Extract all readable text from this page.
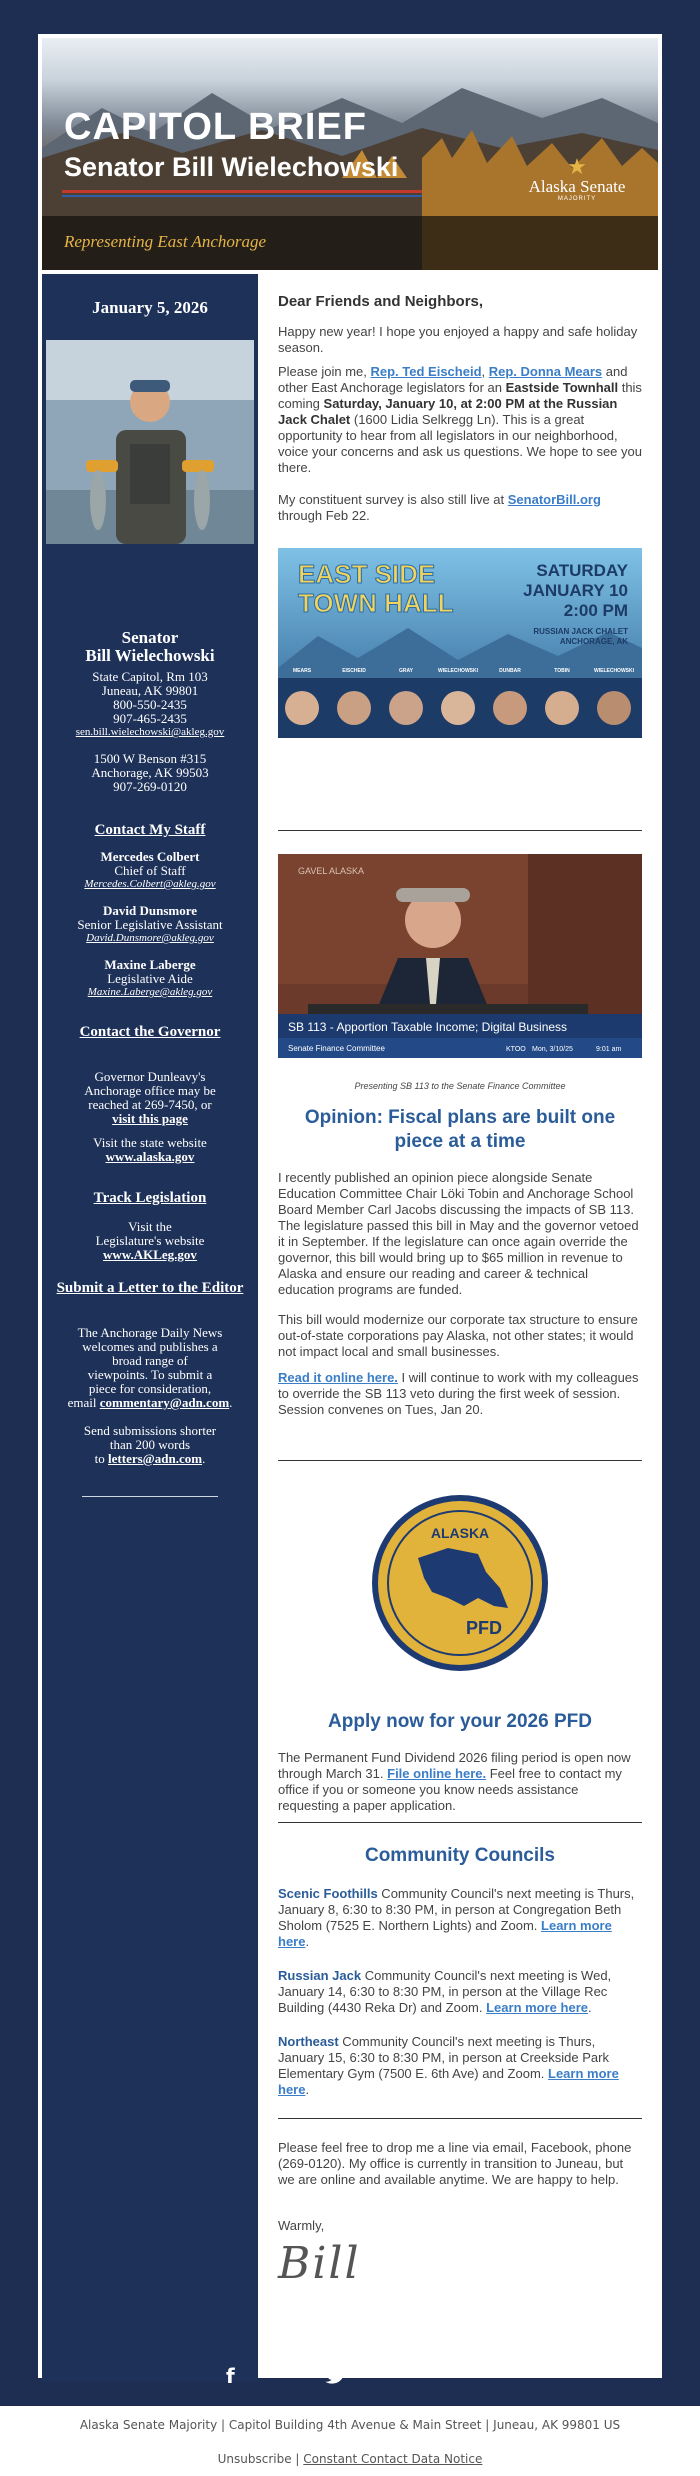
CAPITOL BRIEF
Senator Bill Wielechowski	★
Alaska Senate
MAJORITY
Representing East Anchorage
January 5, 2026
Senator
Bill Wielechowski
State Capitol, Rm 103
Juneau, AK 99801
800-550-2435
907-465-2435
sen.bill.wielechowski@akleg.gov
1500 W Benson #315
Anchorage, AK 99503
907-269-0120
Contact My Staff
Mercedes Colbert
Chief of Staff
Mercedes.Colbert@akleg.gov
David Dunsmore
Senior Legislative Assistant
David.Dunsmore@akleg.gov
Maxine Laberge
Legislative Aide
Maxine.Laberge@akleg.gov
Contact the Governor
Governor Dunleavy's
Anchorage office may be
reached at 269-7450, or
visit this page
Visit the state website
www.alaska.gov
Track Legislation
Visit the
Legislature's website
www.AKLeg.gov
Submit a Letter to the Editor
The Anchorage Daily News
welcomes and publishes a
broad range of
viewpoints. To submit a
piece for consideration,
email commentary@adn.com.
Send submissions shorter
than 200 words
to letters@adn.com.
Dear Friends and Neighbors,
Happy new year! I hope you enjoyed a happy and safe holiday season.
Please join me, Rep. Ted Eischeid, Rep. Donna Mears and other East Anchorage legislators for an Eastside Townhall this coming Saturday, January 10, at 2:00 PM at the Russian Jack Chalet (1600 Lidia Selkregg Ln). This is a great opportunity to hear from all legislators in our neighborhood, voice your concerns and ask us questions. We hope to see you there.
My constituent survey is also still live at SenatorBill.org through Feb 22.
EAST SIDE
TOWN HALL
SATURDAY
JANUARY 10
2:00 PM
RUSSIAN JACK CHALET
ANCHORAGE, AK
MEARS	EISCHEID	GRAY	WIELECHOWSKI	DUNBAR	TOBIN	WIELECHOWSKI
GAVEL ALASKA
SB 113 - Apportion Taxable Income; Digital Business
Senate Finance Committee	KTOO Mon, 3/10/25	9:01 am
Presenting SB 113 to the Senate Finance Committee
Opinion: Fiscal plans are built one piece at a time
I recently published an opinion piece alongside Senate Education Committee Chair Löki Tobin and Anchorage School Board Member Carl Jacobs discussing the impacts of SB 113. The legislature passed this bill in May and the governor vetoed it in September. If the legislature can once again override the governor, this bill would bring up to $65 million in revenue to Alaska and ensure our reading and career & technical education programs are funded.
This bill would modernize our corporate tax structure to ensure out-of-state corporations pay Alaska, not other states; it would not impact local and small businesses.
Read it online here. I will continue to work with my colleagues to override the SB 113 veto during the first week of session. Session convenes on Tues, Jan 20.
ALASKA
PFD
Apply now for your 2026 PFD
The Permanent Fund Dividend 2026 filing period is open now through March 31. File online here. Feel free to contact my office if you or someone you know needs assistance requesting a paper application.
Community Councils
Scenic Foothills Community Council's next meeting is Thurs, January 8, 6:30 to 8:30 PM, in person at Congregation Beth Sholom (7525 E. Northern Lights) and Zoom. Learn more here.
Russian Jack Community Council's next meeting is Wed, January 14, 6:30 to 8:30 PM, in person at the Village Rec Building (4430 Reka Dr) and Zoom. Learn more here.
Northeast Community Council's next meeting is Thurs, January 15, 6:30 to 8:30 PM, in person at Creekside Park Elementary Gym (7500 E. 6th Ave) and Zoom. Learn more here.
Please feel free to drop me a line via email, Facebook, phone (269-0120). My office is currently in transition to Juneau, but we are online and available anytime. We are happy to help.
Warmly,
Bill
f	SUBSCRIBE
Alaska Senate Majority | Capitol Building 4th Avenue & Main Street | Juneau, AK 99801 US
Unsubscribe | Constant Contact Data Notice
